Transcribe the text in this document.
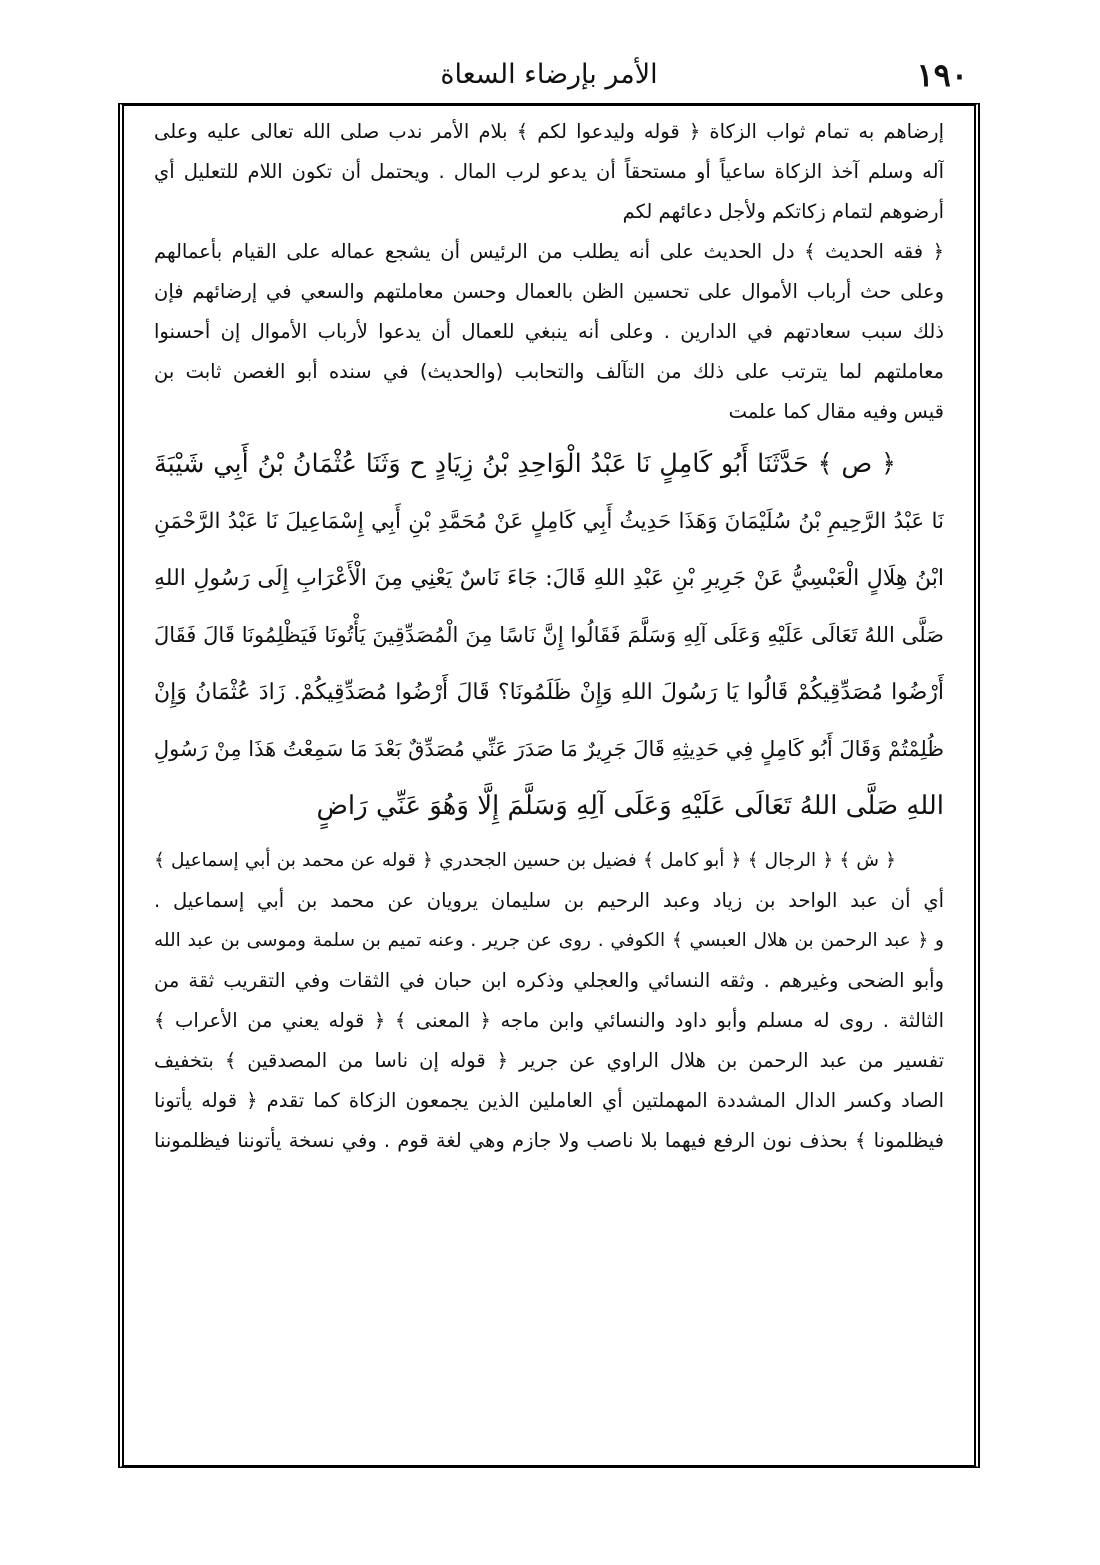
١٩٠
الأمر بإرضاء السعاة
إرضاهم به تمام ثواب الزكاة ﴿ قوله وليدعوا لكم ﴾ بلام الأمر ندب صلى الله تعالى عليه وعلى
آله وسلم آخذ الزكاة ساعياً أو مستحقاً أن يدعو لرب المال . ويحتمل أن تكون اللام للتعليل أي
أرضوهم لتمام زكاتكم ولأجل دعائهم لكم
﴿ فقه الحديث ﴾ دل الحديث على أنه يطلب من الرئيس أن يشجع عماله على القيام بأعمالهم
وعلى حث أرباب الأموال على تحسين الظن بالعمال وحسن معاملتهم والسعي في إرضائهم فإن
ذلك سبب سعادتهم في الدارين . وعلى أنه ينبغي للعمال أن يدعوا لأرباب الأموال إن أحسنوا
معاملتهم لما يترتب على ذلك من التآلف والتحابب (والحديث) في سنده أبو الغصن ثابت بن
قيس وفيه مقال كما علمت
﴿ ص ﴾ حَدَّثَنَا أَبُو كَامِلٍ نَا عَبْدُ الْوَاحِدِ بْنُ زِيَادٍ ح وَثَنَا عُثْمَانُ بْنُ أَبِي شَيْبَةَ
نَا عَبْدُ الرَّحِيمِ بْنُ سُلَيْمَانَ وَهَذَا حَدِيثُ أَبِي كَامِلٍ عَنْ مُحَمَّدِ بْنِ أَبِي إِسْمَاعِيلَ نَا عَبْدُ الرَّحْمَنِ
ابْنُ هِلَالٍ الْعَبْسِيُّ عَنْ جَرِيرِ بْنِ عَبْدِ اللهِ قَالَ: جَاءَ نَاسٌ يَعْنِي مِنَ الْأَعْرَابِ إِلَى رَسُولِ اللهِ
صَلَّى اللهُ تَعَالَى عَلَيْهِ وَعَلَى آلِهِ وَسَلَّمَ فَقَالُوا إِنَّ نَاسًا مِنَ الْمُصَدِّقِينَ يَأْتُونَا فَيَظْلِمُونَا قَالَ فَقَالَ
أَرْضُوا مُصَدِّقِيكُمْ قَالُوا يَا رَسُولَ اللهِ وَإِنْ ظَلَمُونَا؟ قَالَ أَرْضُوا مُصَدِّقِيكُمْ. زَادَ عُثْمَانُ وَإِنْ
ظُلِمْتُمْ وَقَالَ أَبُو كَامِلٍ فِي حَدِيثِهِ قَالَ جَرِيرٌ مَا صَدَرَ عَنِّي مُصَدِّقٌ بَعْدَ مَا سَمِعْتُ هَذَا مِنْ رَسُولِ
اللهِ صَلَّى اللهُ تَعَالَى عَلَيْهِ وَعَلَى آلِهِ وَسَلَّمَ إِلَّا وَهُوَ عَنِّي رَاضٍ
﴿ ش ﴾ ﴿ الرجال ﴾ ﴿ أبو كامل ﴾ فضيل بن حسين الجحدري ﴿ قوله عن محمد بن أبي إسماعيل ﴾
أي أن عبد الواحد بن زياد وعبد الرحيم بن سليمان يرويان عن محمد بن أبي إسماعيل .
و ﴿ عبد الرحمن بن هلال العبسي ﴾ الكوفي . روى عن جرير . وعنه تميم بن سلمة وموسى بن عبد الله
وأبو الضحى وغيرهم . وثقه النسائي والعجلي وذكره ابن حبان في الثقات وفي التقريب ثقة من
الثالثة . روى له مسلم وأبو داود والنسائي وابن ماجه ﴿ المعنى ﴾ ﴿ قوله يعني من الأعراب ﴾
تفسير من عبد الرحمن بن هلال الراوي عن جرير ﴿ قوله إن ناسا من المصدقين ﴾ بتخفيف
الصاد وكسر الدال المشددة المهملتين أي العاملين الذين يجمعون الزكاة كما تقدم ﴿ قوله يأتونا
فيظلمونا ﴾ بحذف نون الرفع فيهما بلا ناصب ولا جازم وهي لغة قوم . وفي نسخة يأتوننا فيظلموننا
